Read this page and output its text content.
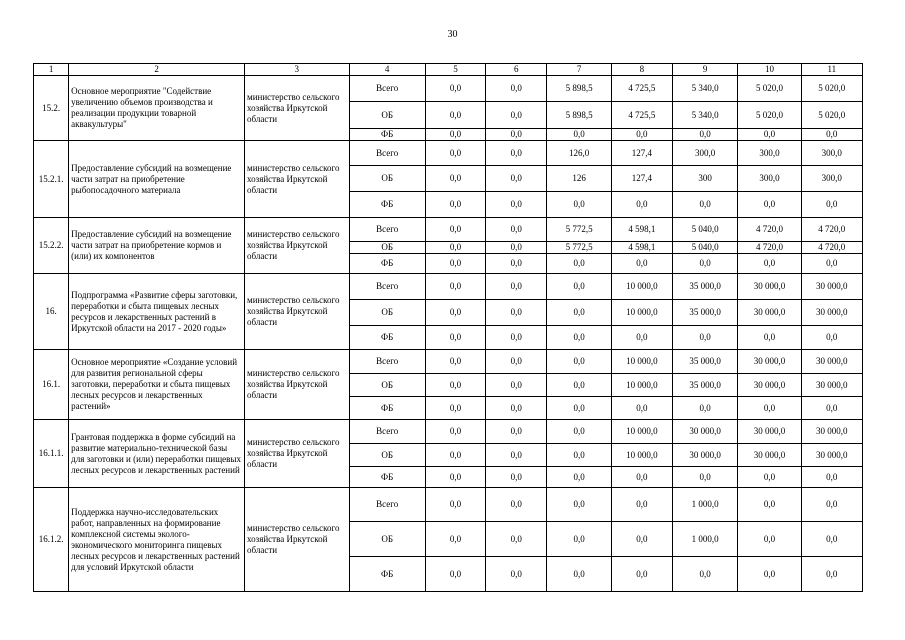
30
1	2	3	4	5	6	7	8	9	10	11
15.2.	Основное мероприятие "Содействие увеличению объемов производства и реализации продукции товарной аквакультуры"	министерство сельского хозяйства Иркутской области	Всего	0,0	0,0	5 898,5	4 725,5	5 340,0	5 020,0	5 020,0
			ОБ	0,0	0,0	5 898,5	4 725,5	5 340,0	5 020,0	5 020,0
			ФБ	0,0	0,0	0,0	0,0	0,0	0,0	0,0
15.2.1.	Предоставление субсидий на возмещение части затрат на приобретение рыбопосадочного материала	министерство сельского хозяйства Иркутской области	Всего	0,0	0,0	126,0	127,4	300,0	300,0	300,0
			ОБ	0,0	0,0	126	127,4	300	300,0	300,0
			ФБ	0,0	0,0	0,0	0,0	0,0	0,0	0,0
15.2.2.	Предоставление субсидий на возмещение части затрат на приобретение кормов и (или) их компонентов	министерство сельского хозяйства Иркутской области	Всего	0,0	0,0	5 772,5	4 598,1	5 040,0	4 720,0	4 720,0
			ОБ	0,0	0,0	5 772,5	4 598,1	5 040,0	4 720,0	4 720,0
			ФБ	0,0	0,0	0,0	0,0	0,0	0,0	0,0
16.	Подпрограмма «Развитие сферы заготовки, переработки и сбыта пищевых лесных ресурсов и лекарственных растений в Иркутской области на 2017 - 2020 годы»	министерство сельского хозяйства Иркутской области	Всего	0,0	0,0	0,0	10 000,0	35 000,0	30 000,0	30 000,0
			ОБ	0,0	0,0	0,0	10 000,0	35 000,0	30 000,0	30 000,0
			ФБ	0,0	0,0	0,0	0,0	0,0	0,0	0,0
16.1.	Основное мероприятие «Создание условий для развития региональной сферы заготовки, переработки и сбыта пищевых лесных ресурсов и лекарственных растений»	министерство сельского хозяйства Иркутской области	Всего	0,0	0,0	0,0	10 000,0	35 000,0	30 000,0	30 000,0
			ОБ	0,0	0,0	0,0	10 000,0	35 000,0	30 000,0	30 000,0
			ФБ	0,0	0,0	0,0	0,0	0,0	0,0	0,0
16.1.1.	Грантовая поддержка в форме субсидий на развитие материально-технической базы для заготовки и (или) переработки пищевых лесных ресурсов и лекарственных растений	министерство сельского хозяйства Иркутской области	Всего	0,0	0,0	0,0	10 000,0	30 000,0	30 000,0	30 000,0
			ОБ	0,0	0,0	0,0	10 000,0	30 000,0	30 000,0	30 000,0
			ФБ	0,0	0,0	0,0	0,0	0,0	0,0	0,0
16.1.2.	Поддержка научно-исследовательских работ, направленных на формирование комплексной системы эколого-экономического мониторинга пищевых лесных ресурсов и лекарственных растений для условий Иркутской области	министерство сельского хозяйства Иркутской области	Всего	0,0	0,0	0,0	0,0	1 000,0	0,0	0,0
			ОБ	0,0	0,0	0,0	0,0	1 000,0	0,0	0,0
			ФБ	0,0	0,0	0,0	0,0	0,0	0,0	0,0
